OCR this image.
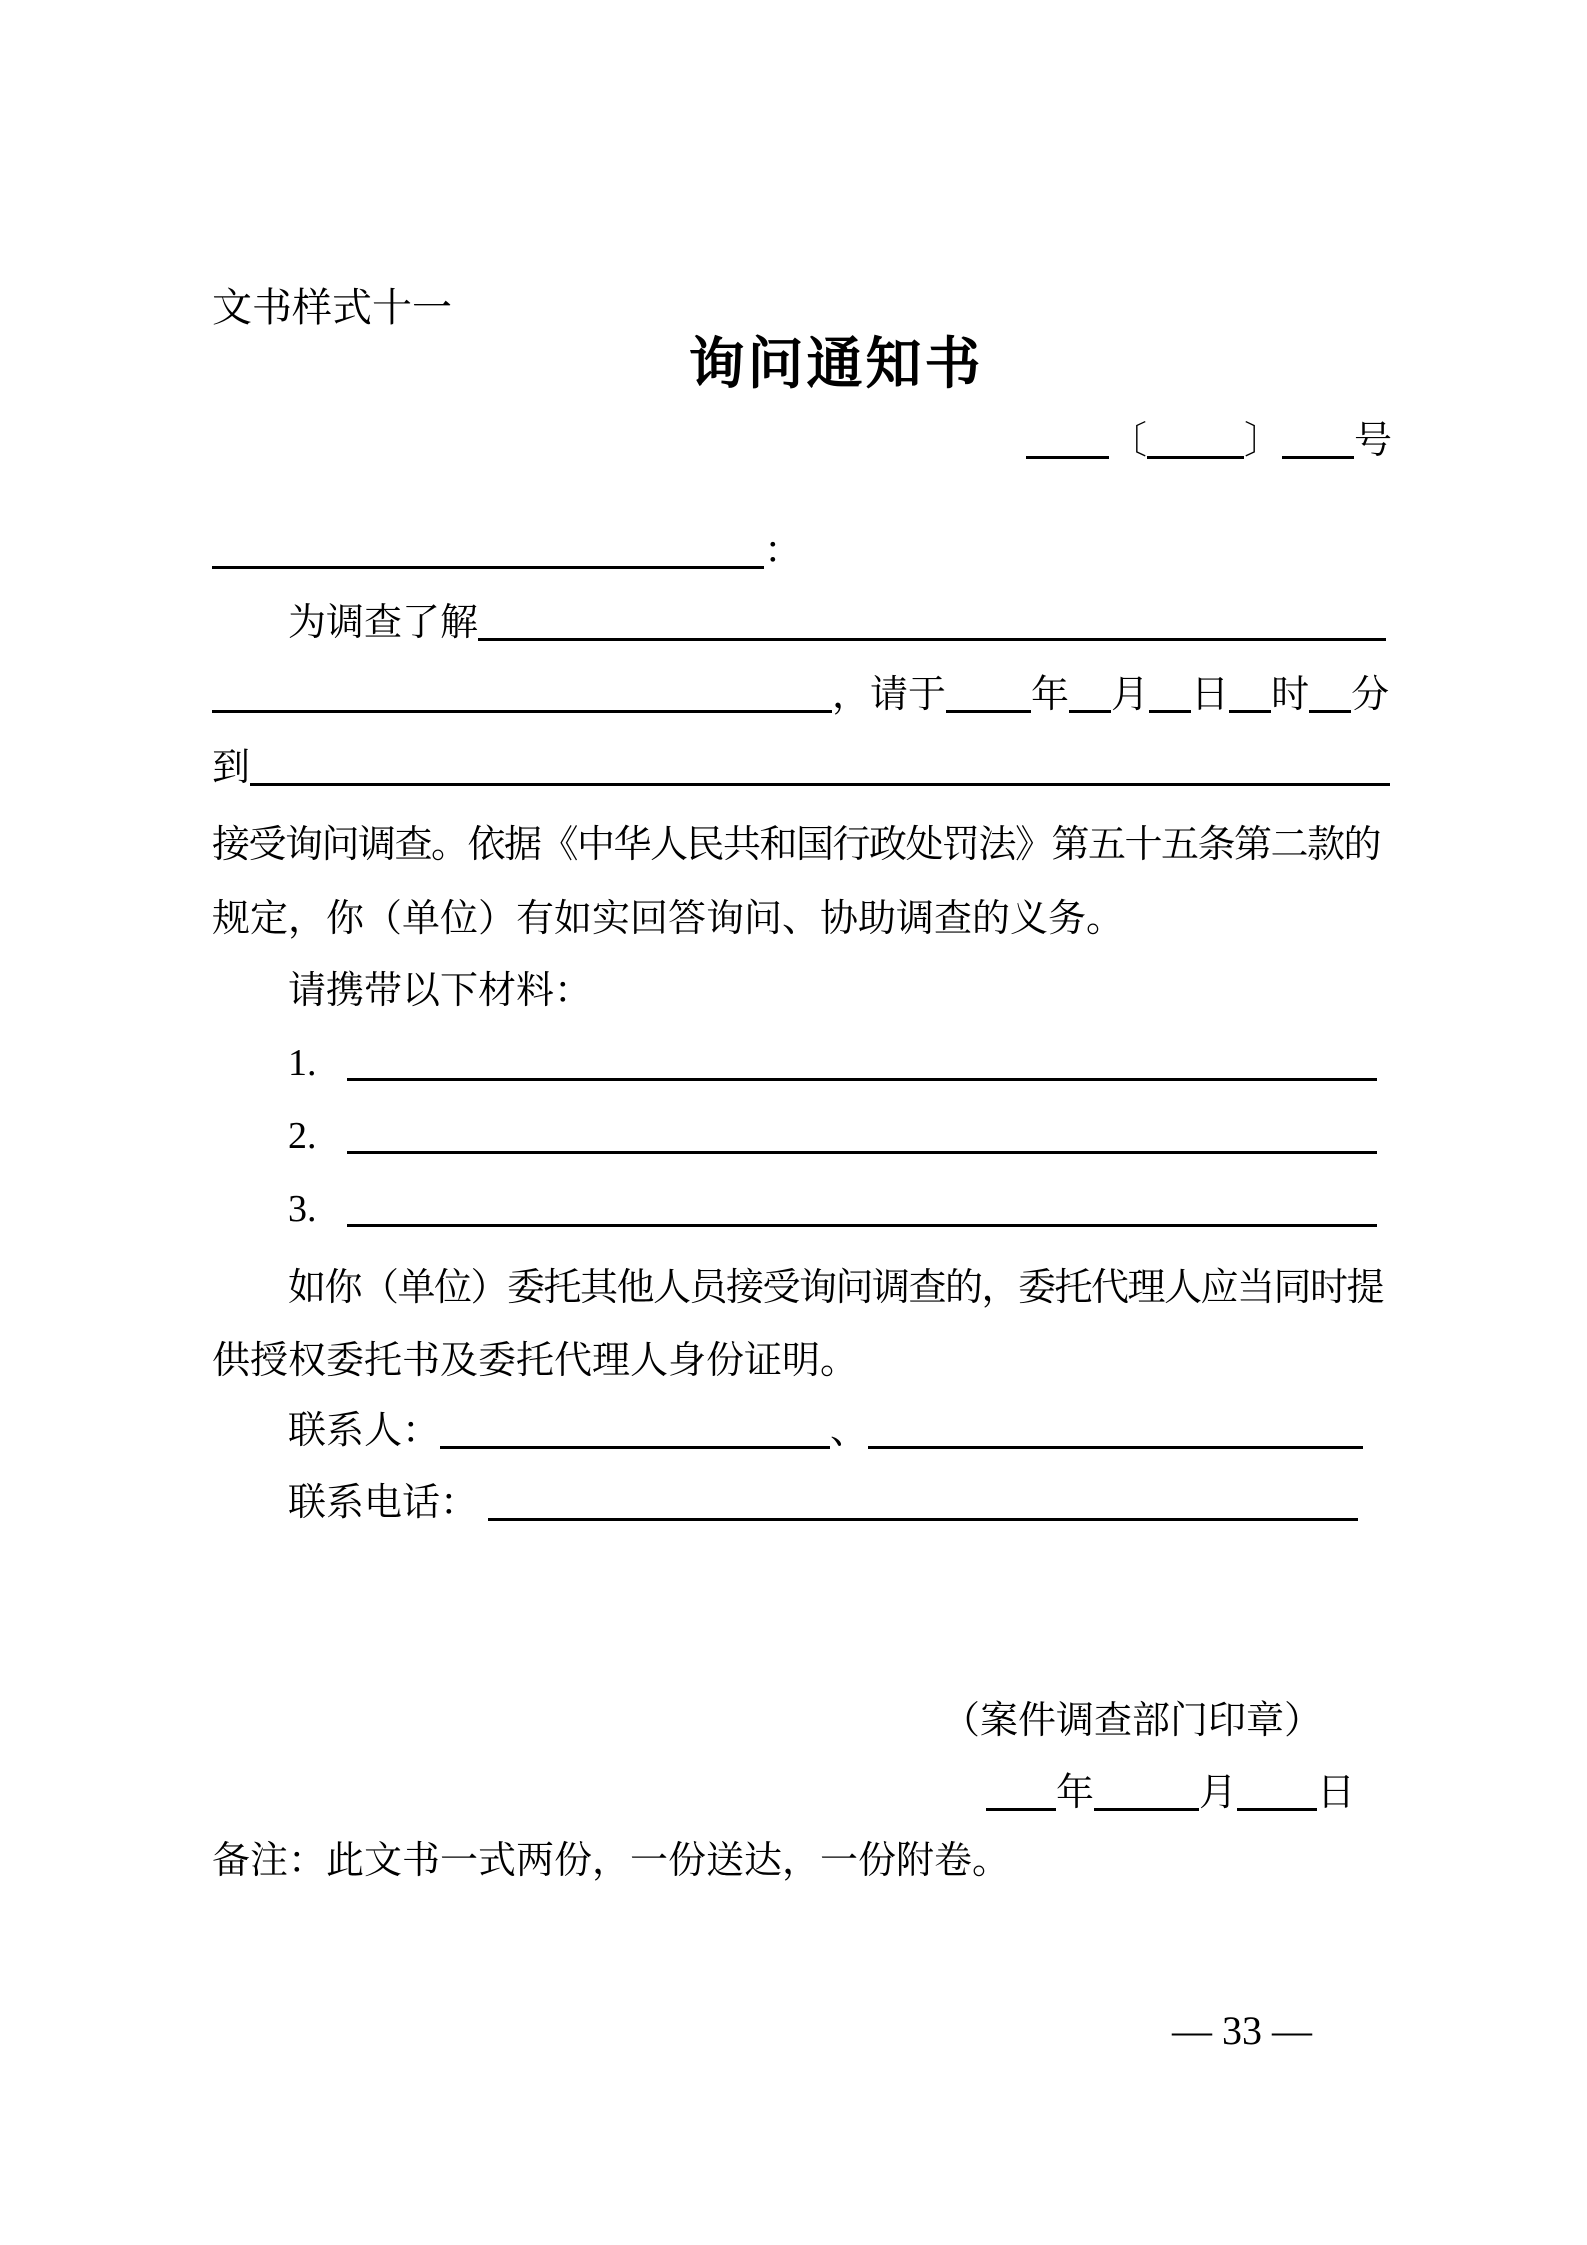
文书样式十一
询问通知书
〔	〕 号
：
为调查了解
，请于 年 月 日 时 分
到
接受询问调查。依据《中华人民共和国行政处罚法》第五十五条第二款的
规定，你（单位）有如实回答询问、协助调查的义务。
请携带以下材料：
1.
2.
3.
如你（单位）委托其他人员接受询问调查的，委托代理人应当同时提
供授权委托书及委托代理人身份证明。
联系人：	、
联系电话：
（案件调查部门印章）
年	月 日
备注：此文书一式两份，一份送达，一份附卷。
— 33 —
